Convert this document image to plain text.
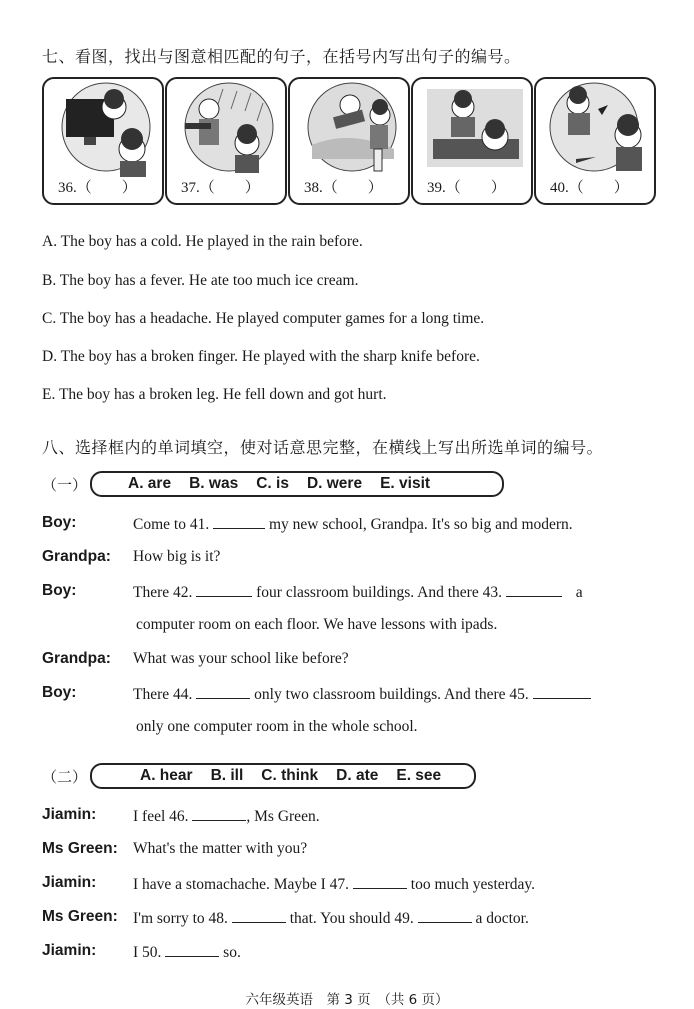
七、看图，找出与图意相匹配的句子，在括号内写出句子的编号。
36.（　　）	37.（　　）	38.（　　）	39.（　　）	40.（　　）
A. The boy has a cold. He played in the rain before.
B. The boy has a fever. He ate too much ice cream.
C. The boy has a headache. He played computer games for a long time.
D. The boy has a broken finger. He played with the sharp knife before.
E. The boy has a broken leg. He fell down and got hurt.
八、选择框内的单词填空，使对话意思完整，在横线上写出所选单词的编号。
（一）	A. are B. was C. is D. were E. visit
Boy:	Come to 41.	my new school, Grandpa. It's so big and modern.
Grandpa: How big is it?
Boy:	There 42.	four classroom buildings. And there 43.	a
computer room on each floor. We have lessons with ipads.
Grandpa: What was your school like before?
Boy:	There 44.	only two classroom buildings. And there 45.
only one computer room in the whole school.
（二）	A. hear B. ill C. think D. ate E. see
Jiamin: I feel 46.	, Ms Green.
Ms Green: What's the matter with you?
Jiamin: I have a stomachache. Maybe I 47.	too much yesterday.
Ms Green: I'm sorry to 48.	that. You should 49.	a doctor.
Jiamin: I 50.	so.
六年级英语　第 3 页　（共 6 页）
